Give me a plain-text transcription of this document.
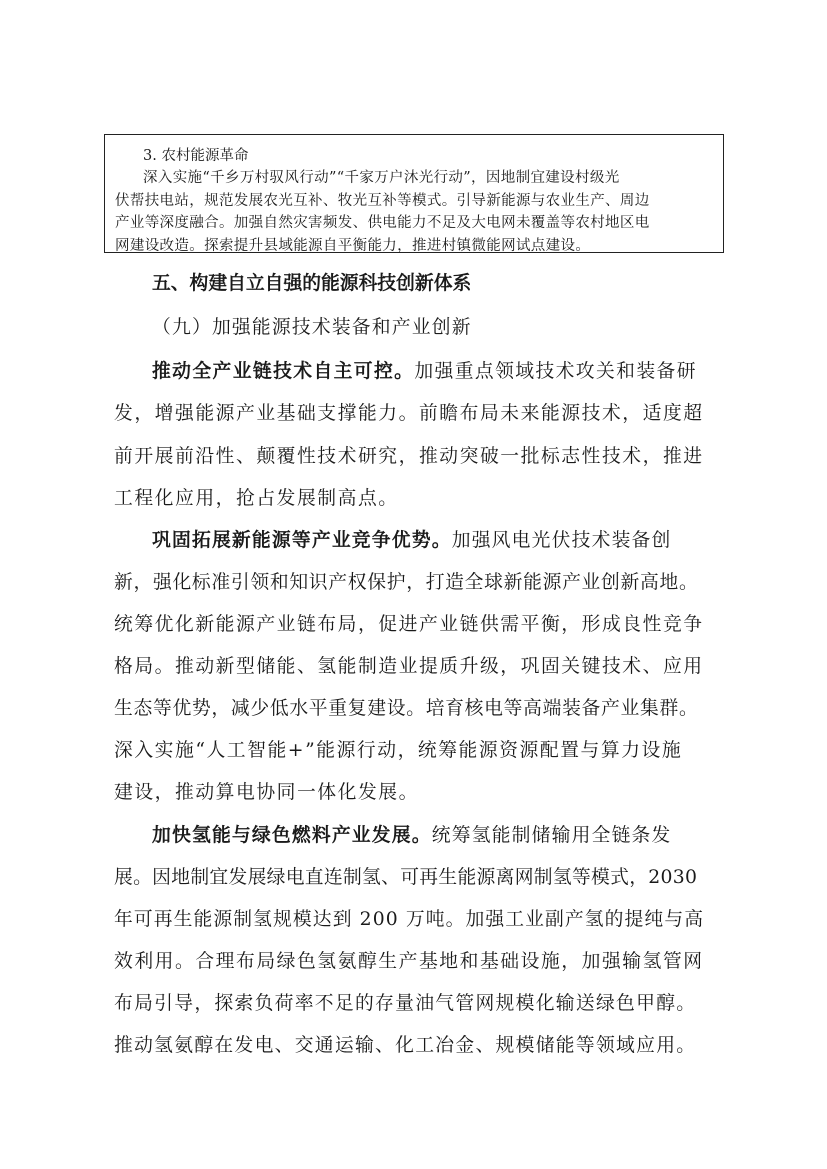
3. 农村能源革命
深入实施“千乡万村驭风行动”“千家万户沐光行动”，因地制宜建设村级光
伏帮扶电站，规范发展农光互补、牧光互补等模式。引导新能源与农业生产、周边
产业等深度融合。加强自然灾害频发、供电能力不足及大电网未覆盖等农村地区电
网建设改造。探索提升县域能源自平衡能力，推进村镇微能网试点建设。
五、构建自立自强的能源科技创新体系
（九）加强能源技术装备和产业创新
推动全产业链技术自主可控。加强重点领域技术攻关和装备研
发，增强能源产业基础支撑能力。前瞻布局未来能源技术，适度超
前开展前沿性、颠覆性技术研究，推动突破一批标志性技术，推进
工程化应用，抢占发展制高点。
巩固拓展新能源等产业竞争优势。加强风电光伏技术装备创
新，强化标准引领和知识产权保护，打造全球新能源产业创新高地。
统筹优化新能源产业链布局，促进产业链供需平衡，形成良性竞争
格局。推动新型储能、氢能制造业提质升级，巩固关键技术、应用
生态等优势，减少低水平重复建设。培育核电等高端装备产业集群。
深入实施“人工智能+”能源行动，统筹能源资源配置与算力设施
建设，推动算电协同一体化发展。
加快氢能与绿色燃料产业发展。统筹氢能制储输用全链条发
展。因地制宜发展绿电直连制氢、可再生能源离网制氢等模式，2030
年可再生能源制氢规模达到 200 万吨。加强工业副产氢的提纯与高
效利用。合理布局绿色氢氨醇生产基地和基础设施，加强输氢管网
布局引导，探索负荷率不足的存量油气管网规模化输送绿色甲醇。
推动氢氨醇在发电、交通运输、化工冶金、规模储能等领域应用。
